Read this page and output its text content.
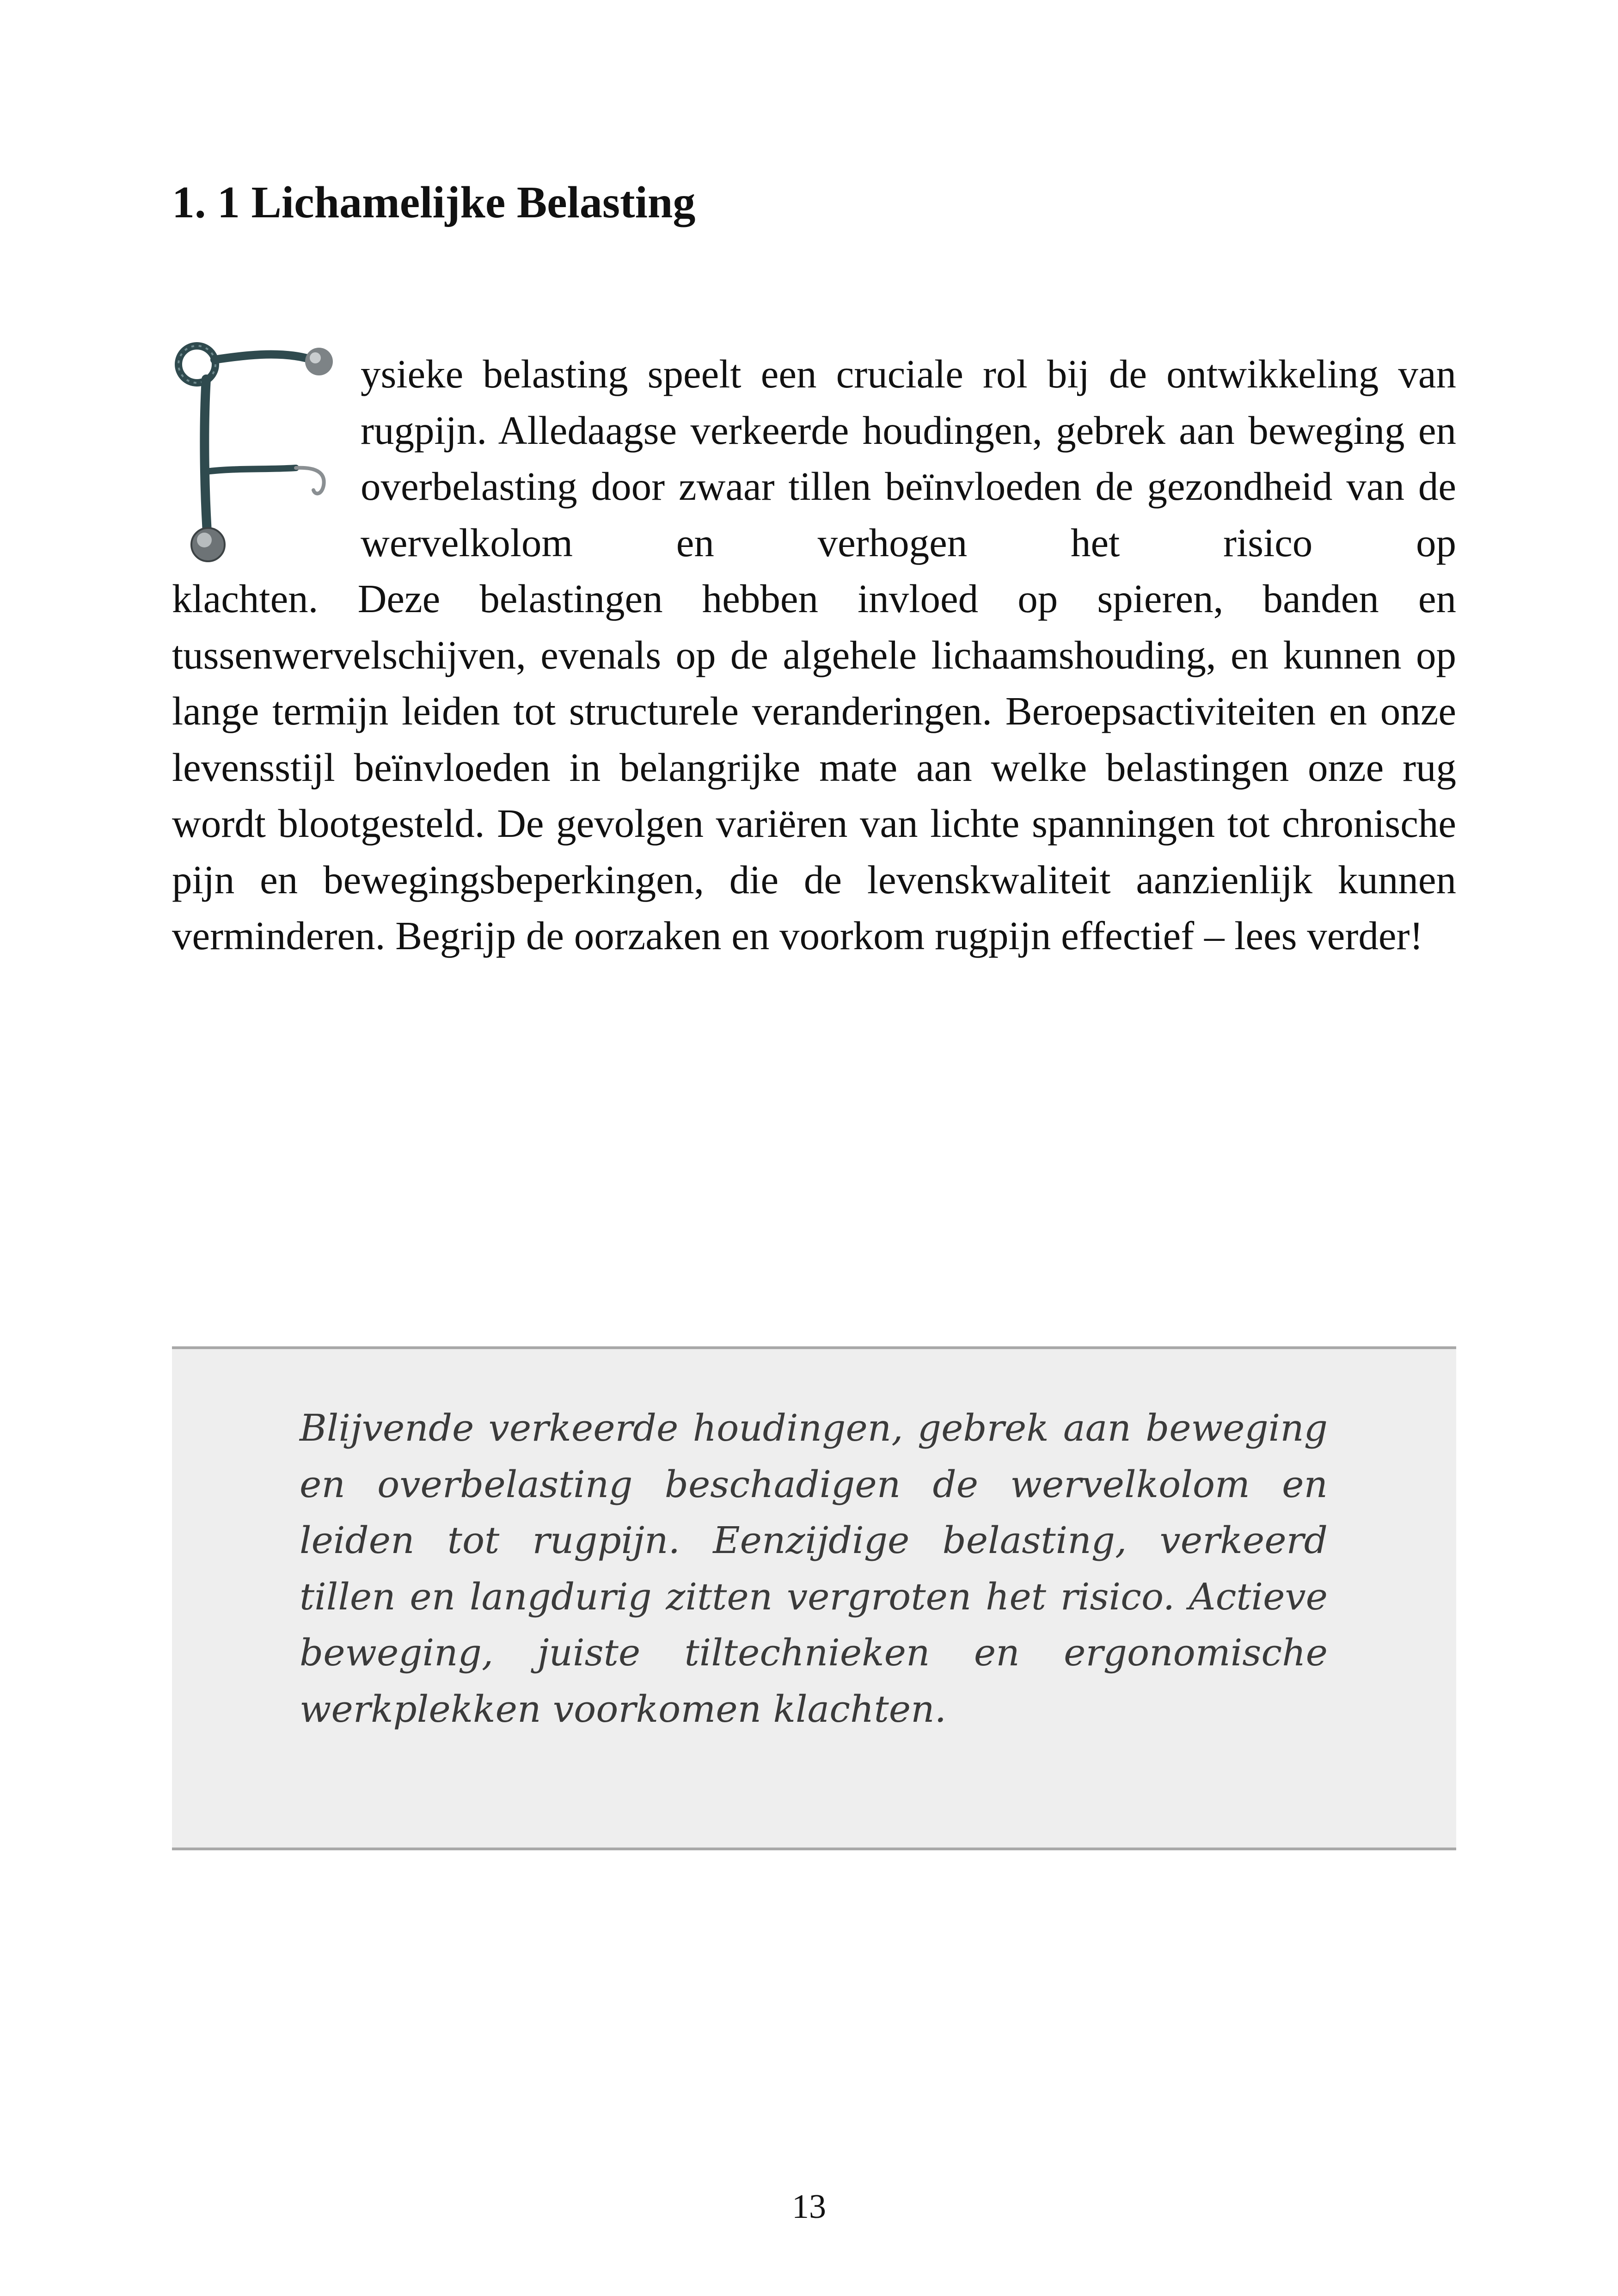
1. 1 Lichamelijke Belasting

ysieke belasting speelt een cruciale rol bij de ontwikkeling van rugpijn. Alledaagse verkeerde houdingen, gebrek aan beweging en overbelasting door zwaar tillen beïnvloeden de gezondheid van de wervelkolom en verhogen het risico op

klachten. Deze belastingen hebben invloed op spieren, banden en tussenwervelschijven, evenals op de algehele lichaamshouding, en kunnen op lange termijn leiden tot structurele veranderingen. Beroepsactiviteiten en onze levensstijl beïnvloeden in belangrijke mate aan welke belastingen onze rug wordt blootgesteld. De gevolgen variëren van lichte spanningen tot chronische pijn en bewegingsbeperkingen, die de levenskwaliteit aanzienlijk kunnen verminderen. Begrijp de oorzaken en voorkom rugpijn effectief – lees verder!

Blijvende verkeerde houdingen, gebrek aan beweging en overbelasting beschadigen de wervelkolom en leiden tot rugpijn. Eenzijdige belasting, verkeerd tillen en langdurig zitten vergroten het risico. Actieve beweging, juiste tiltechnieken en ergonomische werkplekken voorkomen klachten.

13
